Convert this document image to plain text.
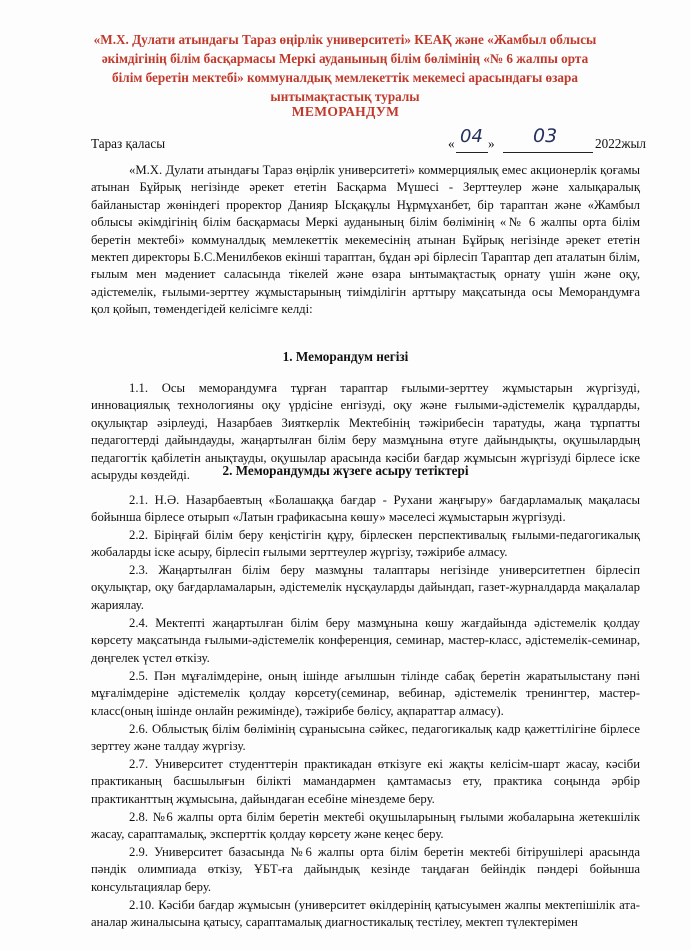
«М.Х. Дулати атындағы Тараз өңірлік университеті» КЕАҚ және «Жамбыл облысы әкімдігінің білім басқармасы Меркі ауданының білім бөлімінің «№ 6 жалпы орта білім беретін мектебі» коммуналдық мемлекеттік мекемесі арасындағы өзара ынтымақтастық туралы
МЕМОРАНДУМ
Тараз қаласы	« 04 » 03	2022жыл

«М.Х. Дулати атындағы Тараз өңірлік университеті» коммерциялық емес акционерлік қоғамы атынан Бұйрық негізінде әрекет ететін Басқарма Мүшесі - Зерттеулер және халықаралық байланыстар жөніндегі проректор Данияр Ысқақұлы Нұрмұханбет, бір тараптан және «Жамбыл облысы әкімдігінің білім басқармасы Меркі ауданының білім бөлімінің «№ 6 жалпы орта білім беретін мектебі» коммуналдық мемлекеттік мекемесінің атынан Бұйрық негізінде әрекет ететін мектеп директоры Б.С.Менилбеков екінші тараптан, бұдан әрі бірлесіп Тараптар деп аталатын білім, ғылым мен мәдениет саласында тікелей және өзара ынтымақтастық орнату үшін және оқу, әдістемелік, ғылыми-зерттеу жұмыстарының тиімділігін арттыру мақсатында осы Меморандумға қол қойып, төмендегідей келісімге келді:

1. Меморандум негізі

1.1. Осы меморандумға тұрған тараптар ғылыми-зерттеу жұмыстарын жүргізуді, инновациялық технологияны оқу үрдісіне енгізуді, оқу және ғылыми-әдістемелік құралдарды, оқулықтар әзірлеуді, Назарбаев Зияткерлік Мектебінің тәжірибесін таратуды, жаңа тұрпатты педагогтерді дайындауды, жаңартылған білім беру мазмұнына өтуге дайындықты, оқушылардың педагогтік қабілетін анықтауды, оқушылар арасында кәсіби бағдар жұмысын жүргізуді бірлесе іске асыруды көздейді.	2. Меморандумды жүзеге асыру тетіктері

2.1. Н.Ә. Назарбаевтың «Болашаққа бағдар - Рухани жаңғыру» бағдарламалық мақаласы бойынша бірлесе отырып «Латын графикасына көшу» мәселесі жұмыстарын жүргізуді.

2.2. Біріңғай білім беру кеңістігін құру, бірлескен перспективалық ғылыми-педагогикалық жобаларды іске асыру, бірлесіп ғылыми зерттеулер жүргізу, тәжірибе алмасу.

2.3. Жаңартылған білім беру мазмұны талаптары негізінде университетпен бірлесіп оқулықтар, оқу бағдарламаларын, әдістемелік нұсқауларды дайындап, газет-журналдарда мақалалар жариялау.

2.4. Мектепті жаңартылған білім беру мазмұнына көшу жағдайында әдістемелік қолдау көрсету мақсатында ғылыми-әдістемелік конференция, семинар, мастер-класс, әдістемелік-семинар, дөңгелек үстел өткізу.

2.5. Пән мұғалімдеріне, оның ішінде ағылшын тілінде сабақ беретін жаратылыстану пәні мұғалімдеріне әдістемелік қолдау көрсету(семинар, вебинар, әдістемелік тренингтер, мастер-класс(оның ішінде онлайн режимінде), тәжірибе бөлісу, ақпараттар алмасу).

2.6. Облыстық білім бөлімінің сұранысына сәйкес, педагогикалық кадр қажеттілігіне бірлесе зерттеу және талдау жүргізу.

2.7. Университет студенттерін практикадан өткізуге екі жақты келісім-шарт жасау, кәсіби практиканың басшылығын білікті мамандармен қамтамасыз ету, практика соңында әрбір практиканттың жұмысына, дайындаған есебіне мінездеме беру.

2.8. №6 жалпы орта білім беретін мектебі оқушыларының ғылыми жобаларына жетекшілік жасау, сараптамалық, эксперттік қолдау көрсету және кеңес беру.

2.9. Университет базасында №6 жалпы орта білім беретін мектебі бітірушілері арасында пәндік олимпиада өткізу, ҰБТ-ға дайындық кезінде таңдаған бейіндік пәндері бойынша консультациялар беру.

2.10. Кәсіби бағдар жұмысын (университет өкілдерінің қатысуымен жалпы мектепішілік ата-аналар жиналысына қатысу, сараптамалық диагностикалық тестілеу, мектеп түлектерімен
